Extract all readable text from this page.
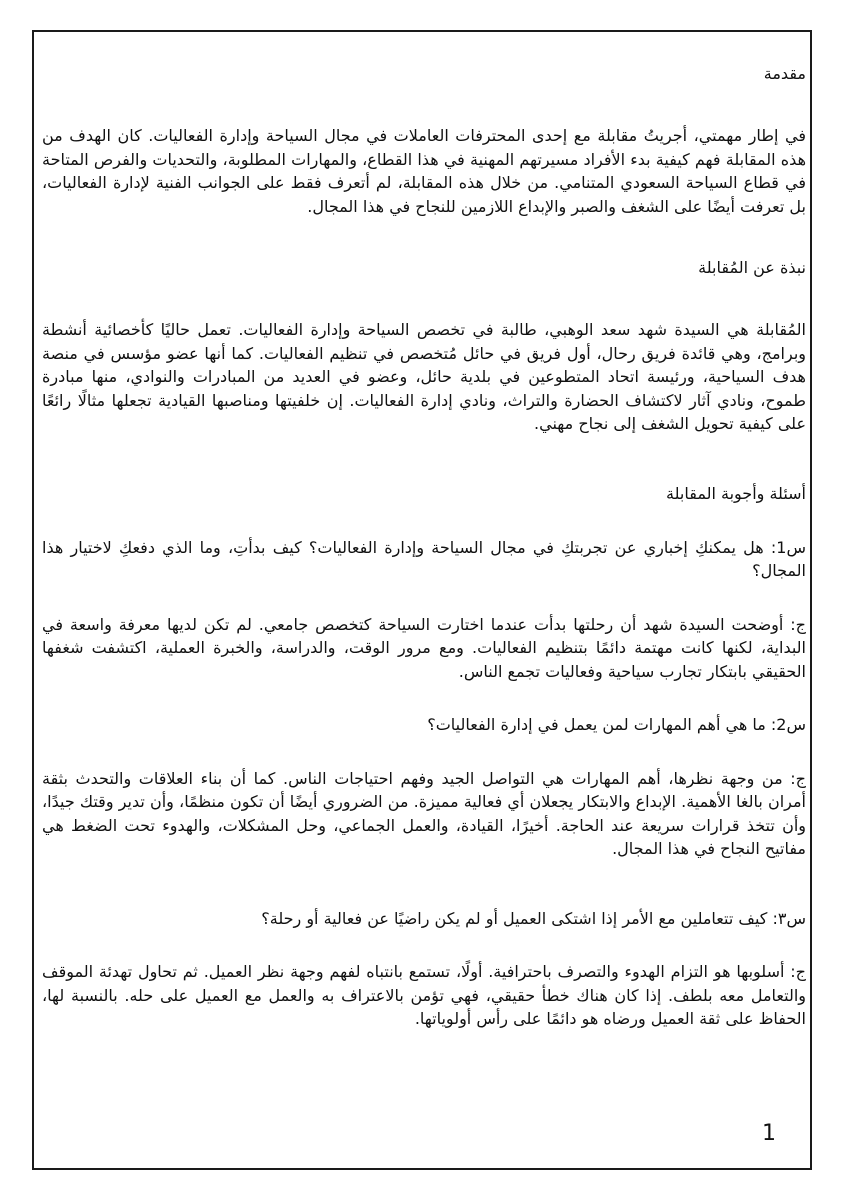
مقدمة

في إطار مهمتي، أجريتُ مقابلة مع إحدى المحترفات العاملات في مجال السياحة وإدارة الفعاليات. كان الهدف من هذه المقابلة فهم كيفية بدء الأفراد مسيرتهم المهنية في هذا القطاع، والمهارات المطلوبة، والتحديات والفرص المتاحة في قطاع السياحة السعودي المتنامي. من خلال هذه المقابلة، لم أتعرف فقط على الجوانب الفنية لإدارة الفعاليات، بل تعرفت أيضًا على الشغف والصبر والإبداع اللازمين للنجاح في هذا المجال.

نبذة عن المُقابلة

المُقابلة هي السيدة شهد سعد الوهبي، طالبة في تخصص السياحة وإدارة الفعاليات. تعمل حاليًا كأخصائية أنشطة وبرامج، وهي قائدة فريق رحال، أول فريق في حائل مُتخصص في تنظيم الفعاليات. كما أنها عضو مؤسس في منصة هدف السياحية، ورئيسة اتحاد المتطوعين في بلدية حائل، وعضو في العديد من المبادرات والنوادي، منها مبادرة طموح، ونادي آثار لاكتشاف الحضارة والتراث، ونادي إدارة الفعاليات. إن خلفيتها ومناصبها القيادية تجعلها مثالًا رائعًا على كيفية تحويل الشغف إلى نجاح مهني.

أسئلة وأجوبة المقابلة

س1: هل يمكنكِ إخباري عن تجربتكِ في مجال السياحة وإدارة الفعاليات؟ كيف بدأتِ، وما الذي دفعكِ لاختيار هذا المجال؟

ج: أوضحت السيدة شهد أن رحلتها بدأت عندما اختارت السياحة كتخصص جامعي. لم تكن لديها معرفة واسعة في البداية، لكنها كانت مهتمة دائمًا بتنظيم الفعاليات. ومع مرور الوقت، والدراسة، والخبرة العملية، اكتشفت شغفها الحقيقي بابتكار تجارب سياحية وفعاليات تجمع الناس.

س2: ما هي أهم المهارات لمن يعمل في إدارة الفعاليات؟

ج: من وجهة نظرها، أهم المهارات هي التواصل الجيد وفهم احتياجات الناس. كما أن بناء العلاقات والتحدث بثقة أمران بالغا الأهمية. الإبداع والابتكار يجعلان أي فعالية مميزة. من الضروري أيضًا أن تكون منظمًا، وأن تدير وقتك جيدًا، وأن تتخذ قرارات سريعة عند الحاجة. أخيرًا، القيادة، والعمل الجماعي، وحل المشكلات، والهدوء تحت الضغط هي مفاتيح النجاح في هذا المجال.

س٣: كيف تتعاملين مع الأمر إذا اشتكى العميل أو لم يكن راضيًا عن فعالية أو رحلة؟

ج: أسلوبها هو التزام الهدوء والتصرف باحترافية. أولًا، تستمع بانتباه لفهم وجهة نظر العميل. ثم تحاول تهدئة الموقف والتعامل معه بلطف. إذا كان هناك خطأ حقيقي، فهي تؤمن بالاعتراف به والعمل مع العميل على حله. بالنسبة لها، الحفاظ على ثقة العميل ورضاه هو دائمًا على رأس أولوياتها.

1
